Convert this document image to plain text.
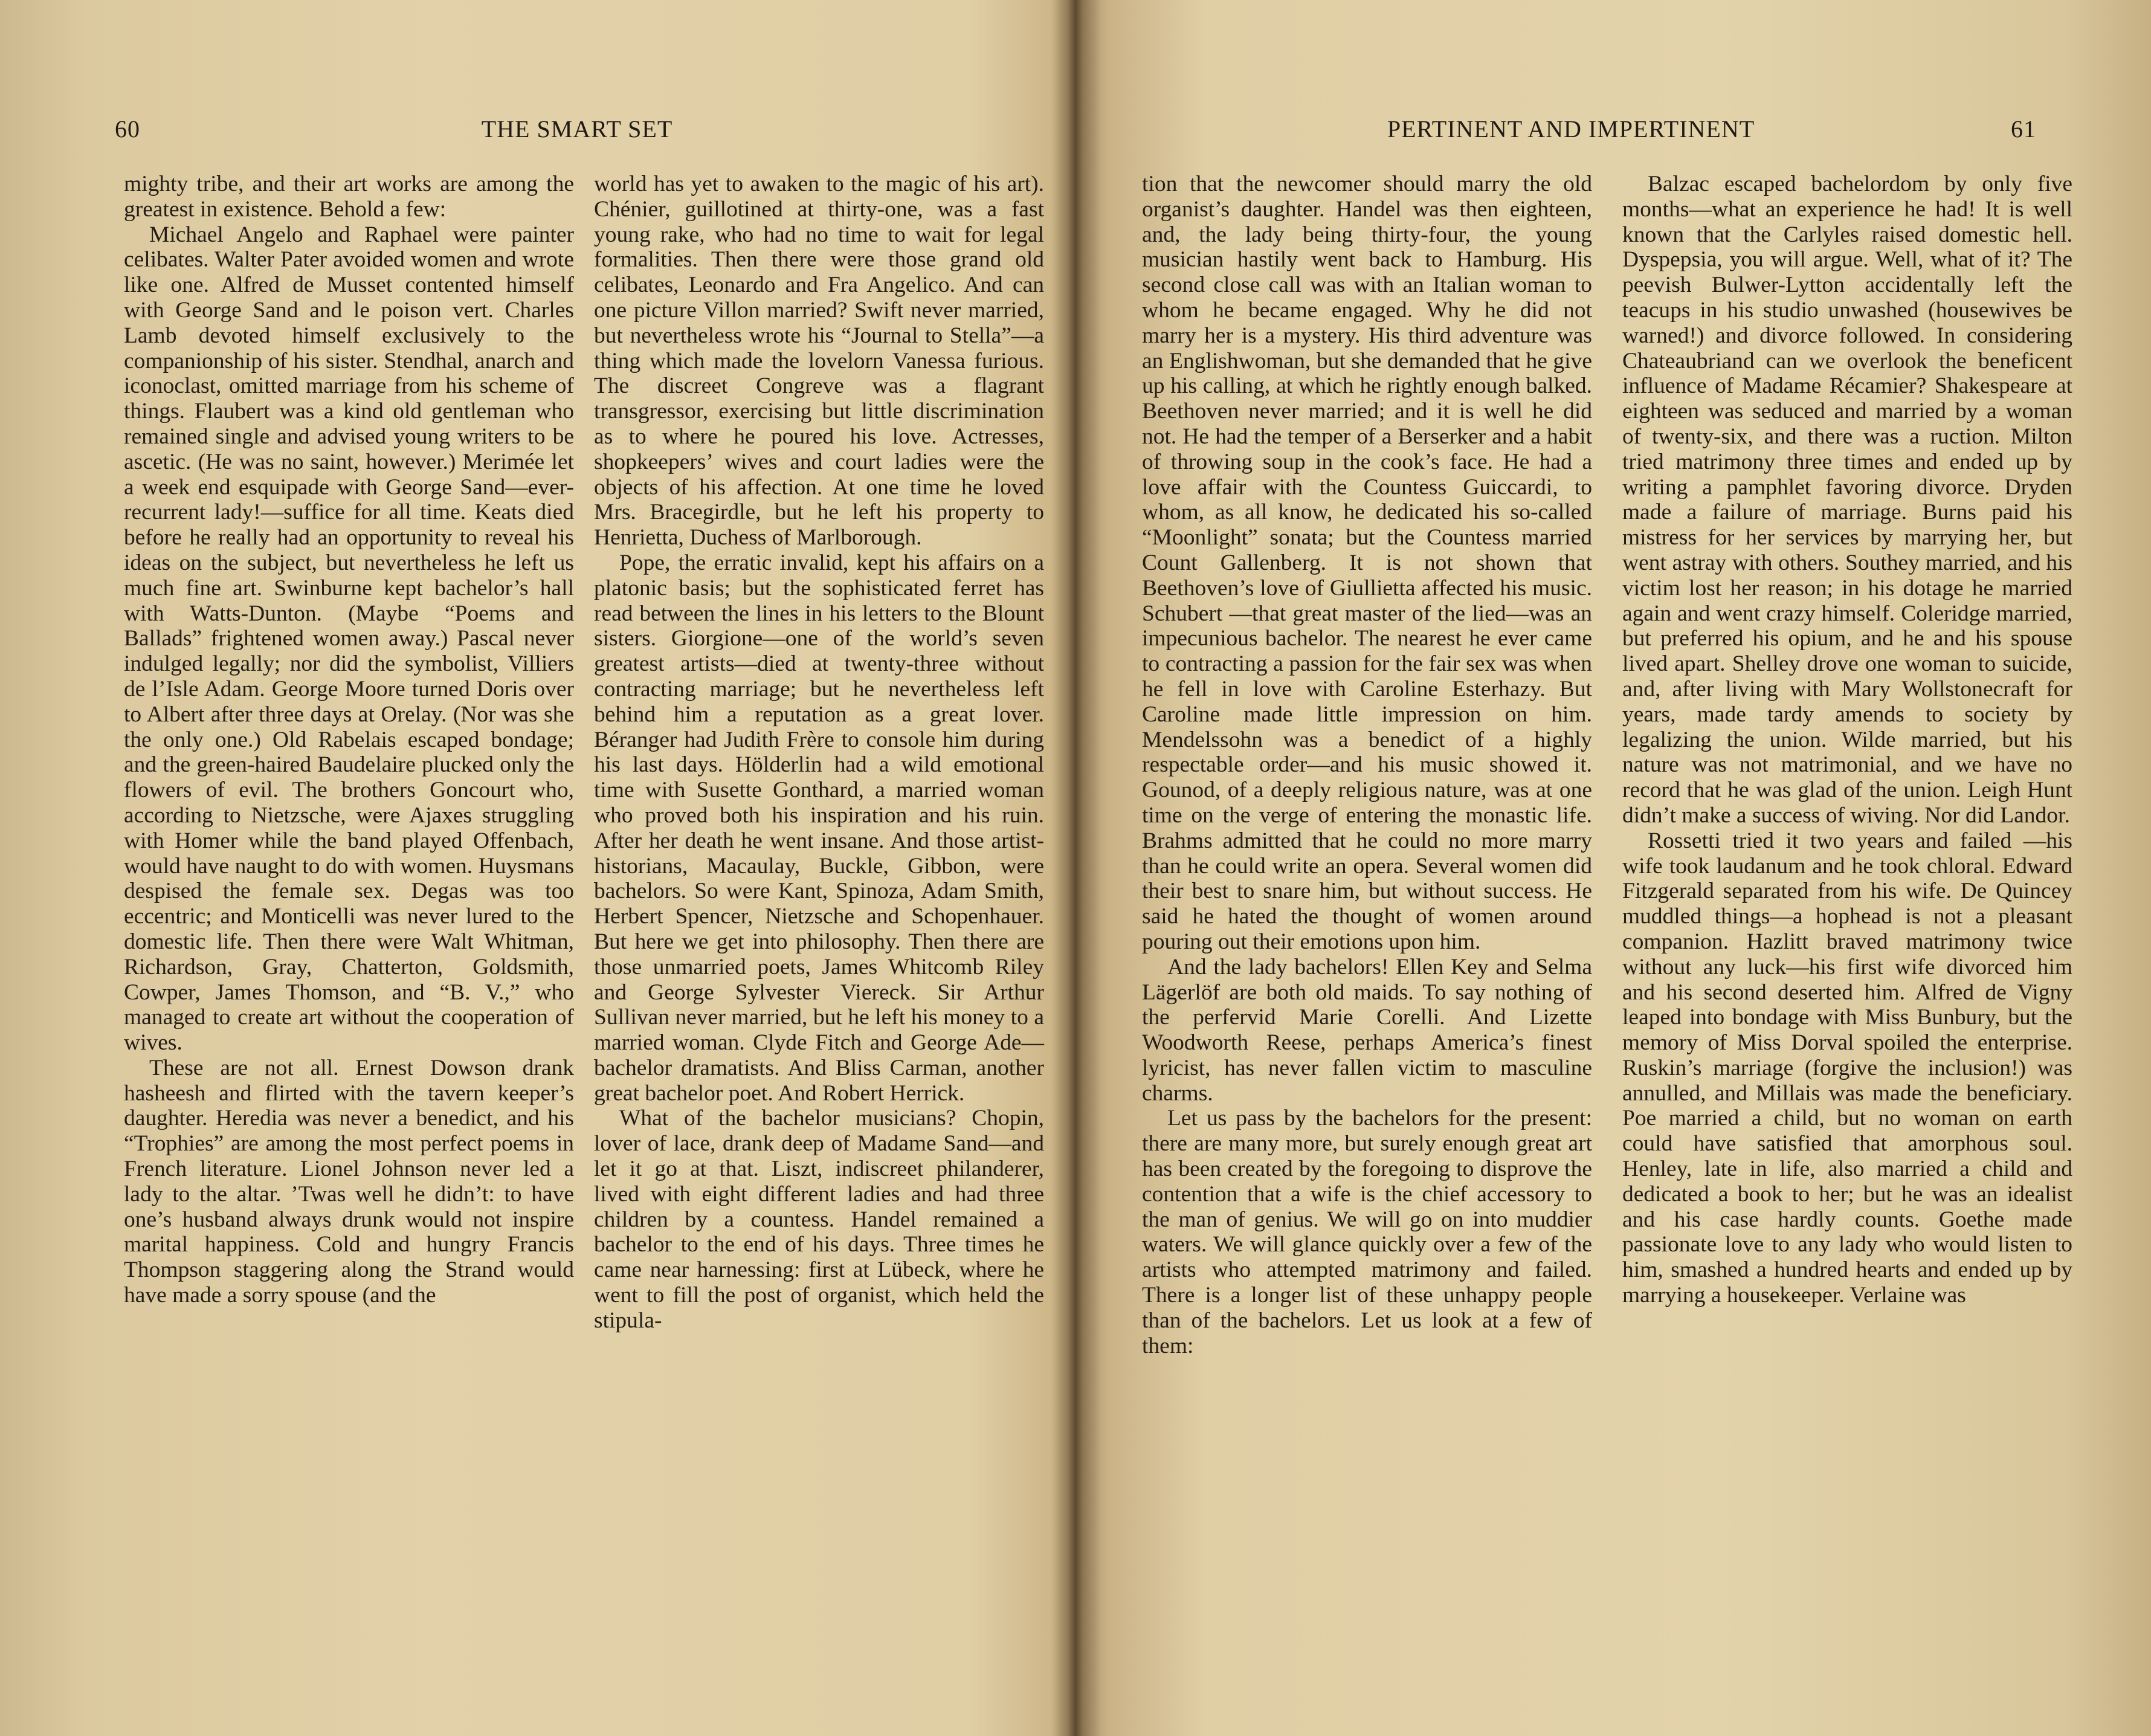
60	THE SMART SET

mighty tribe, and their art works are among the greatest in existence. Behold a few:

Michael Angelo and Raphael were painter celibates. Walter Pater avoided women and wrote like one. Alfred de Musset contented himself with George Sand and le poison vert. Charles Lamb devoted himself exclusively to the companionship of his sister. Stendhal, anarch and iconoclast, omitted marriage from his scheme of things. Flaubert was a kind old gentleman who remained single and advised young writers to be ascetic. (He was no saint, however.) Merimée let a week end esquipade with George Sand—ever-recurrent lady!—suffice for all time. Keats died before he really had an opportunity to reveal his ideas on the subject, but nevertheless he left us much fine art. Swinburne kept bachelor’s hall with Watts-Dunton. (Maybe “Poems and Ballads” frightened women away.) Pascal never indulged legally; nor did the symbolist, Villiers de l’Isle Adam. George Moore turned Doris over to Albert after three days at Orelay. (Nor was she the only one.) Old Rabelais escaped bondage; and the green-haired Baudelaire plucked only the flowers of evil. The brothers Goncourt who, according to Nietzsche, were Ajaxes struggling with Homer while the band played Offenbach, would have naught to do with women. Huysmans despised the female sex. Degas was too eccentric; and Monticelli was never lured to the domestic life. Then there were Walt Whitman, Richardson, Gray, Chatterton, Goldsmith, Cowper, James Thomson, and “B. V.,” who managed to create art without the cooperation of wives.

These are not all. Ernest Dowson drank hasheesh and flirted with the tavern keeper’s daughter. Heredia was never a benedict, and his “Trophies” are among the most perfect poems in French literature. Lionel Johnson never led a lady to the altar. ’Twas well he didn’t: to have one’s husband always drunk would not inspire marital happiness. Cold and hungry Francis Thompson staggering along the Strand would have made a sorry spouse (and the

world has yet to awaken to the magic of his art). Chénier, guillotined at thirty-one, was a fast young rake, who had no time to wait for legal formalities. Then there were those grand old celibates, Leonardo and Fra Angelico. And can one picture Villon married? Swift never married, but nevertheless wrote his “Journal to Stella”—a thing which made the lovelorn Vanessa furious. The discreet Congreve was a flagrant transgressor, exercising but little discrimination as to where he poured his love. Actresses, shopkeepers’ wives and court ladies were the objects of his affection. At one time he loved Mrs. Bracegirdle, but he left his property to Henrietta, Duchess of Marlborough.

Pope, the erratic invalid, kept his affairs on a platonic basis; but the sophisticated ferret has read between the lines in his letters to the Blount sisters. Giorgione—one of the world’s seven greatest artists—died at twenty-three without contracting marriage; but he nevertheless left behind him a reputation as a great lover. Béranger had Judith Frère to console him during his last days. Hölderlin had a wild emotional time with Susette Gonthard, a married woman who proved both his inspiration and his ruin. After her death he went insane. And those artist-historians, Macaulay, Buckle, Gibbon, were bachelors. So were Kant, Spinoza, Adam Smith, Herbert Spencer, Nietzsche and Schopenhauer. But here we get into philosophy. Then there are those unmarried poets, James Whitcomb Riley and George Sylvester Viereck. Sir Arthur Sullivan never married, but he left his money to a married woman. Clyde Fitch and George Ade—bachelor dramatists. And Bliss Carman, another great bachelor poet. And Robert Herrick.

What of the bachelor musicians? Chopin, lover of lace, drank deep of Madame Sand—and let it go at that. Liszt, indiscreet philanderer, lived with eight different ladies and had three children by a countess. Handel remained a bachelor to the end of his days. Three times he came near harnessing: first at Lübeck, where he went to fill the post of organist, which held the stipula-

PERTINENT AND IMPERTINENT	61

tion that the newcomer should marry the old organist’s daughter. Handel was then eighteen, and, the lady being thirty-four, the young musician hastily went back to Hamburg. His second close call was with an Italian woman to whom he became engaged. Why he did not marry her is a mystery. His third adventure was an Englishwoman, but she demanded that he give up his calling, at which he rightly enough balked. Beethoven never married; and it is well he did not. He had the temper of a Berserker and a habit of throwing soup in the cook’s face. He had a love affair with the Countess Guiccardi, to whom, as all know, he dedicated his so-called “Moonlight” sonata; but the Countess married Count Gallenberg. It is not shown that Beethoven’s love of Giullietta affected his music. Schubert —that great master of the lied—was an impecunious bachelor. The nearest he ever came to contracting a passion for the fair sex was when he fell in love with Caroline Esterhazy. But Caroline made little impression on him. Mendelssohn was a benedict of a highly respectable order—and his music showed it. Gounod, of a deeply religious nature, was at one time on the verge of entering the monastic life. Brahms admitted that he could no more marry than he could write an opera. Several women did their best to snare him, but without success. He said he hated the thought of women around pouring out their emotions upon him.

And the lady bachelors! Ellen Key and Selma Lägerlöf are both old maids. To say nothing of the perfervid Marie Corelli. And Lizette Woodworth Reese, perhaps America’s finest lyricist, has never fallen victim to masculine charms.

Let us pass by the bachelors for the present: there are many more, but surely enough great art has been created by the foregoing to disprove the contention that a wife is the chief accessory to the man of genius. We will go on into muddier waters. We will glance quickly over a few of the artists who attempted matrimony and failed. There is a longer list of these unhappy people than of the bachelors. Let us look at a few of them:

Balzac escaped bachelordom by only five months—what an experience he had! It is well known that the Carlyles raised domestic hell. Dyspepsia, you will argue. Well, what of it? The peevish Bulwer-Lytton accidentally left the teacups in his studio unwashed (housewives be warned!) and divorce followed. In considering Chateaubriand can we overlook the beneficent influence of Madame Récamier? Shakespeare at eighteen was seduced and married by a woman of twenty-six, and there was a ruction. Milton tried matrimony three times and ended up by writing a pamphlet favoring divorce. Dryden made a failure of marriage. Burns paid his mistress for her services by marrying her, but went astray with others. Southey married, and his victim lost her reason; in his dotage he married again and went crazy himself. Coleridge married, but preferred his opium, and he and his spouse lived apart. Shelley drove one woman to suicide, and, after living with Mary Wollstonecraft for years, made tardy amends to society by legalizing the union. Wilde married, but his nature was not matrimonial, and we have no record that he was glad of the union. Leigh Hunt didn’t make a success of wiving. Nor did Landor.

Rossetti tried it two years and failed —his wife took laudanum and he took chloral. Edward Fitzgerald separated from his wife. De Quincey muddled things—a hophead is not a pleasant companion. Hazlitt braved matrimony twice without any luck—his first wife divorced him and his second deserted him. Alfred de Vigny leaped into bondage with Miss Bunbury, but the memory of Miss Dorval spoiled the enterprise. Ruskin’s marriage (forgive the inclusion!) was annulled, and Millais was made the beneficiary. Poe married a child, but no woman on earth could have satisfied that amorphous soul. Henley, late in life, also married a child and dedicated a book to her; but he was an idealist and his case hardly counts. Goethe made passionate love to any lady who would listen to him, smashed a hundred hearts and ended up by marrying a housekeeper. Verlaine was
